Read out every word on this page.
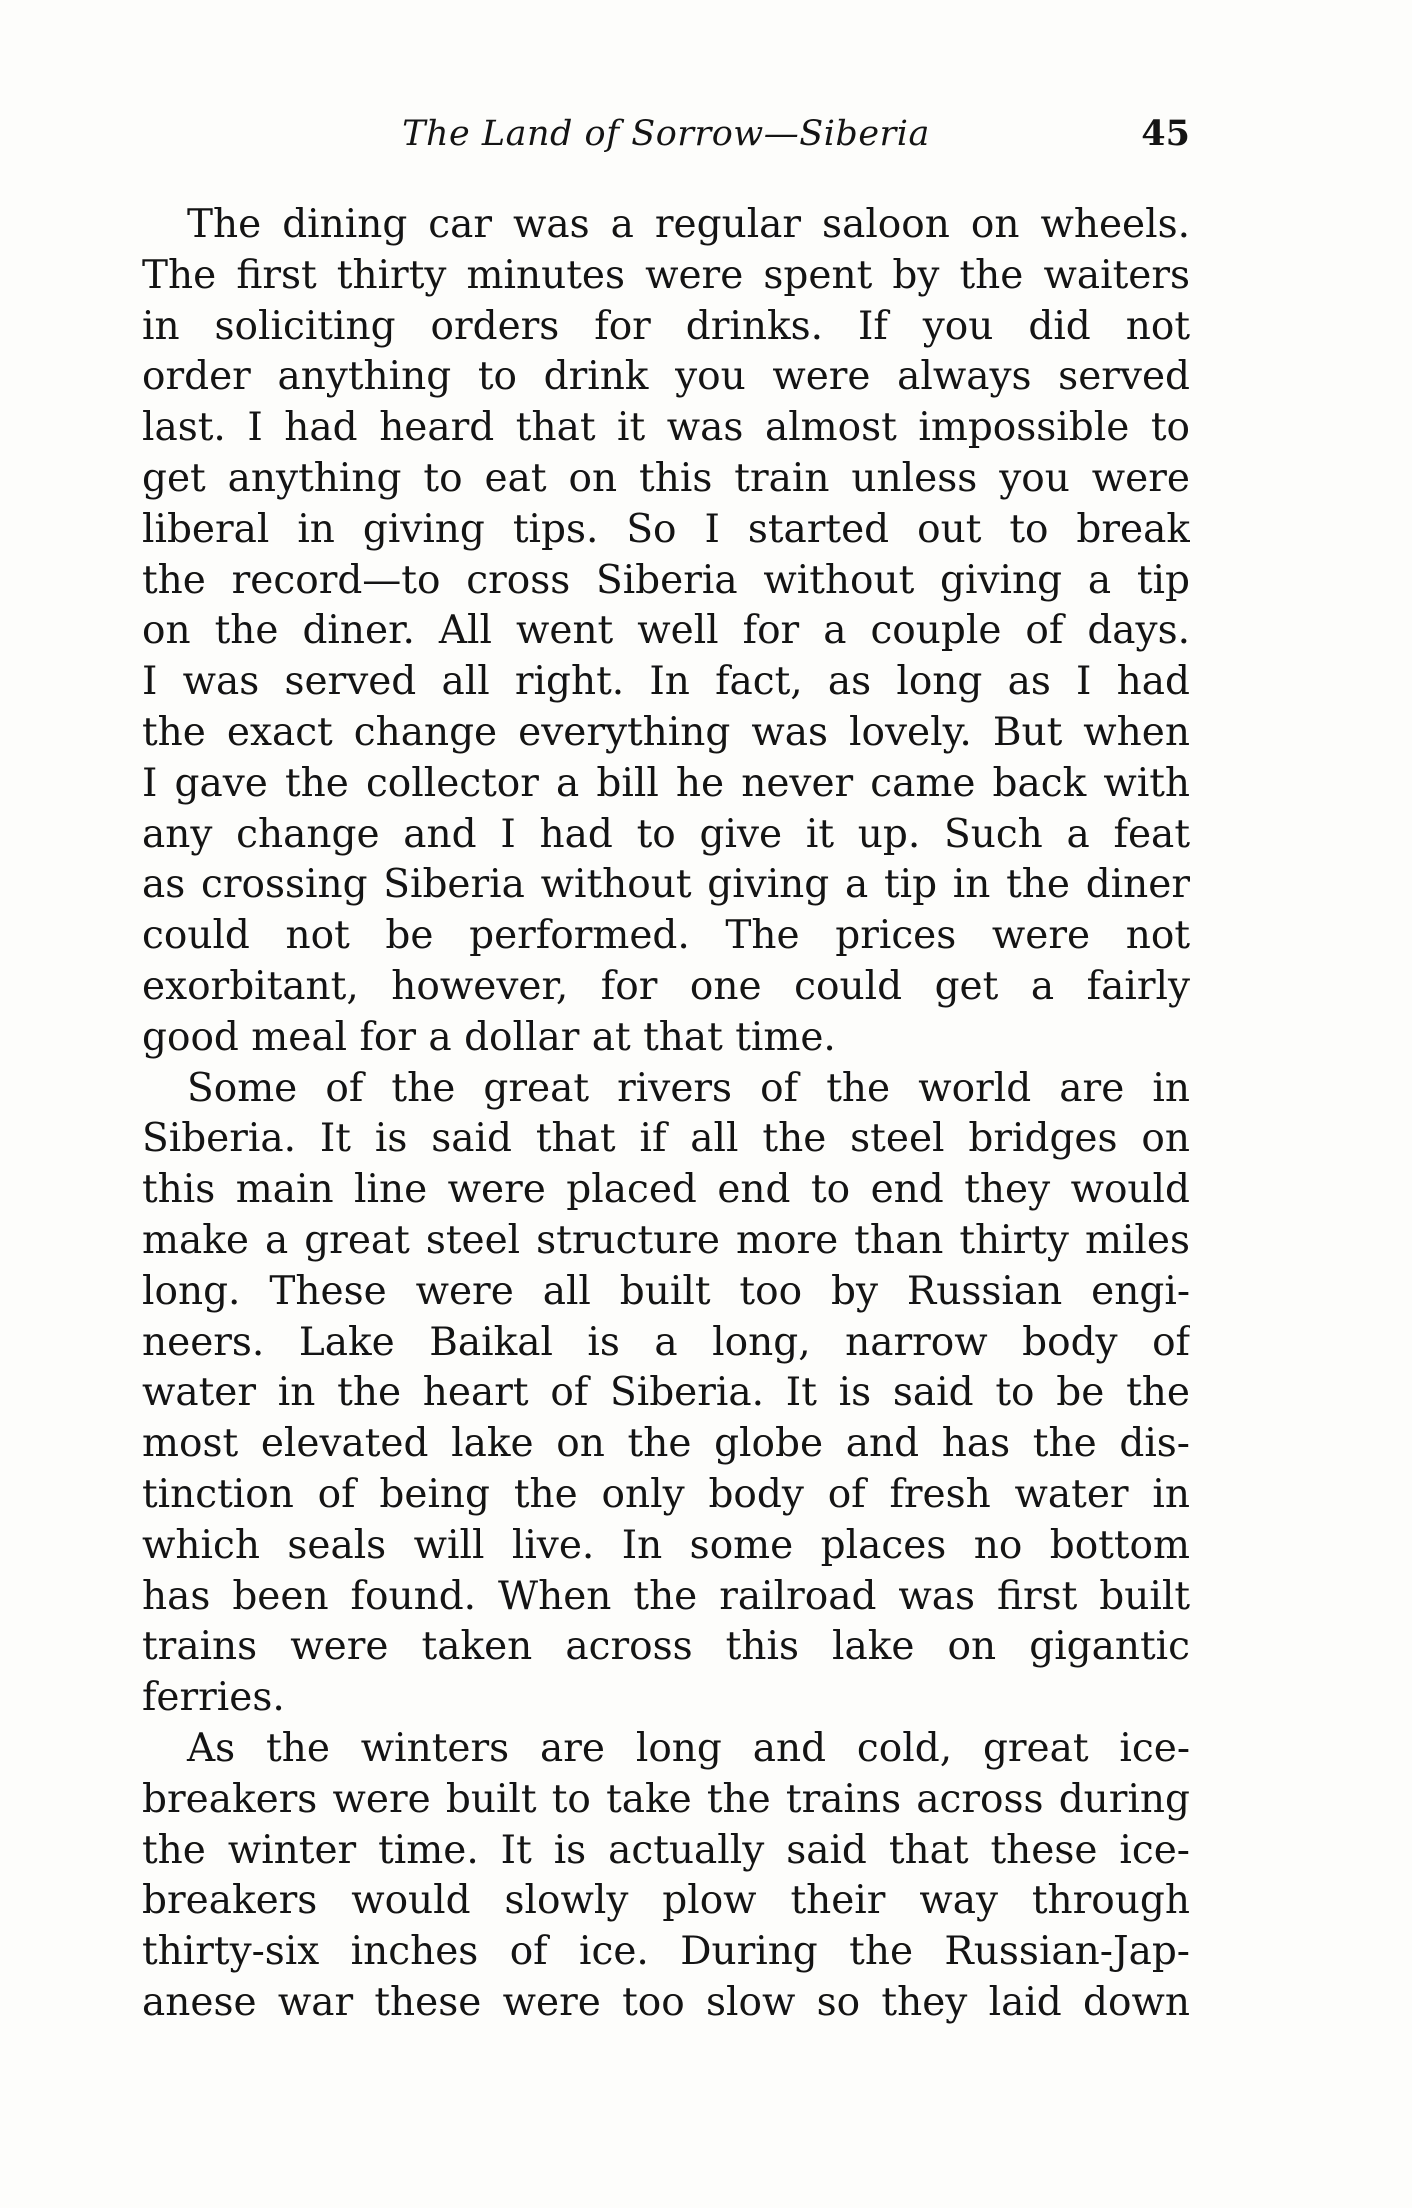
The Land of Sorrow—Siberia	45
The dining car was a regular saloon on wheels.
The first thirty minutes were spent by the waiters
in soliciting orders for drinks. If you did not
order anything to drink you were always served
last. I had heard that it was almost impossible to
get anything to eat on this train unless you were
liberal in giving tips. So I started out to break
the record—to cross Siberia without giving a tip
on the diner. All went well for a couple of days.
I was served all right. In fact, as long as I had
the exact change everything was lovely. But when
I gave the collector a bill he never came back with
any change and I had to give it up. Such a feat
as crossing Siberia without giving a tip in the diner
could not be performed. The prices were not
exorbitant, however, for one could get a fairly
good meal for a dollar at that time.
Some of the great rivers of the world are in
Siberia. It is said that if all the steel bridges on
this main line were placed end to end they would
make a great steel structure more than thirty miles
long. These were all built too by Russian engi-
neers. Lake Baikal is a long, narrow body of
water in the heart of Siberia. It is said to be the
most elevated lake on the globe and has the dis-
tinction of being the only body of fresh water in
which seals will live. In some places no bottom
has been found. When the railroad was first built
trains were taken across this lake on gigantic
ferries.
As the winters are long and cold, great ice-
breakers were built to take the trains across during
the winter time. It is actually said that these ice-
breakers would slowly plow their way through
thirty-six inches of ice. During the Russian-Jap-
anese war these were too slow so they laid down
